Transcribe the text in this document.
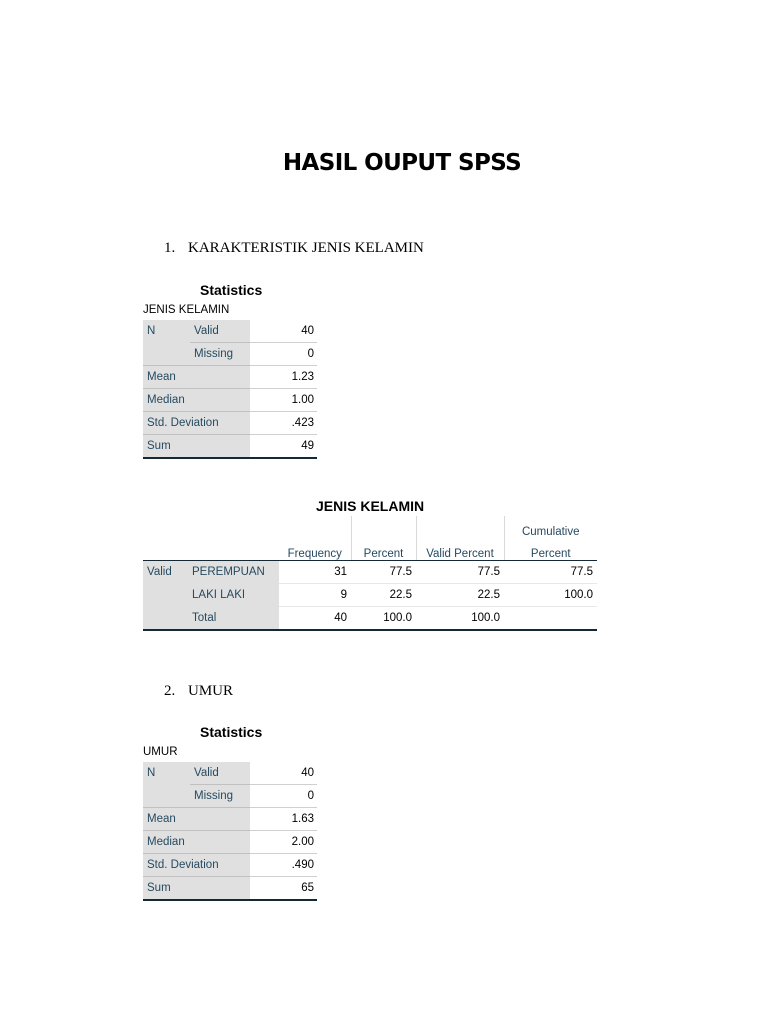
HASIL OUPUT SPSS
1. KARAKTERISTIK JENIS KELAMIN
Statistics
JENIS KELAMIN
N	Valid	40
	Missing	0
Mean		1.23
Median		1.00
Std. Deviation		.423
Sum		49
JENIS KELAMIN
					Cumulative
		Frequency	Percent	Valid Percent	Percent
Valid	PEREMPUAN	31	77.5	77.5	77.5
	LAKI LAKI	9	22.5	22.5	100.0
	Total	40	100.0	100.0	
2. UMUR
Statistics
UMUR
N	Valid	40
	Missing	0
Mean		1.63
Median		2.00
Std. Deviation		.490
Sum		65
